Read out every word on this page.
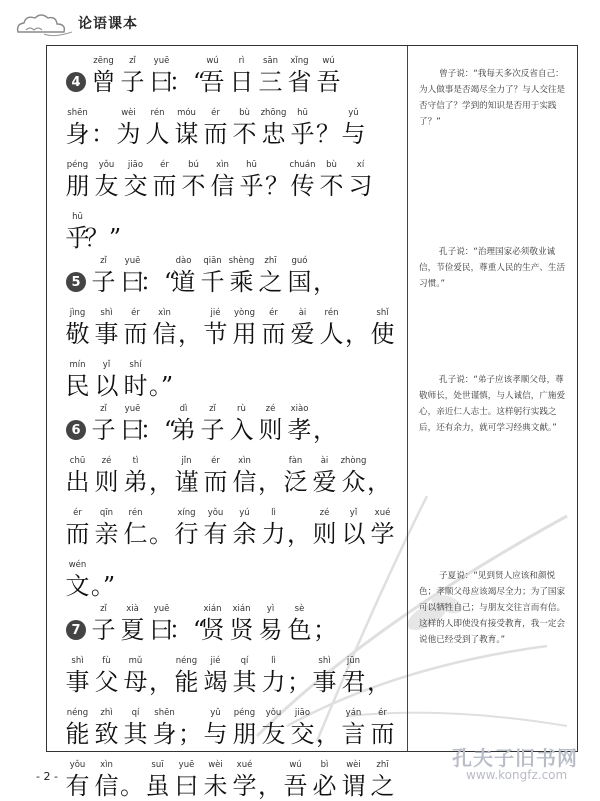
论语课本
4
zēng
曾
zǐ
子
yuē
曰
：“
wú
吾
rì
日
sān
三
xǐng
省
wú
吾
shēn
身 ：
wèi
为
rén
人
móu
谋
ér
而
bù
不
zhōng
忠
hū
乎 ？
yǔ
与
péng
朋
yǒu
友
jiāo
交
ér
而
bú
不
xìn
信
hū
乎 ？
chuán
传
bù
不
xí
习
hū
乎
？”
5
zǐ
子
yuē
曰
：“
dào
道
qiān
千
shèng
乘
zhī
之
guó
国 ，
jìng
敬
shì
事
ér
而
xìn
信 ，
jié
节
yòng
用
ér
而
ài
爱
rén
人 ，
shǐ
使
mín
民
yǐ
以
shí
时 。”
6
zǐ
子
yuē
曰
：“
dì
弟
zǐ
子
rù
入
zé
则
xiào
孝 ，
chū
出
zé
则
tì
弟 ，
jǐn
谨
ér
而
xìn
信 ，
fàn
泛
ài
爱
zhòng
众 ，
ér
而
qīn
亲
rén
仁 。
xíng
行
yǒu
有
yú
余
lì
力 ，
zé
则
yǐ
以
xué
学
wén
文 。”
7
zǐ
子
xià
夏
yuē
曰
：“
xián
贤
xián
贤
yì
易
sè
色 ；
shì
事
fù
父
mǔ
母 ，
néng
能
jié
竭
qí
其
lì
力 ；
shì
事
jūn
君 ，
néng
能
zhì
致
qí
其
shēn
身 ；
yǔ
与
péng
朋
yǒu
友
jiāo
交 ，
yán
言
ér
而
yǒu
有
xìn
信 。
suī
虽
yuē
曰
wèi
未
xué
学 ，
wú
吾
bì
必
wèi
谓
zhī
之
曾子说：“我每天多次反省自己：为人做事是否竭尽全力了？与人交往是否守信了？学到的知识是否用于实践了？”
孔子说：“治理国家必须敬业诚信，节俭爱民，尊重人民的生产、生活习惯。”
孔子说：“弟子应该孝顺父母，尊敬师长，处世谨慎，与人诚信，广施爱心，亲近仁人志士。这样躬行实践之后，还有余力，就可学习经典文献。”
子夏说：“见到贤人应该和颜悦色；孝顺父母应该竭尽全力；为了国家可以牺牲自己；与朋友交往言而有信。这样的人即使没有接受教育，我一定会说他已经受到了教育。”
- 2 -
孔夫子旧书网
www.kongfz.com
